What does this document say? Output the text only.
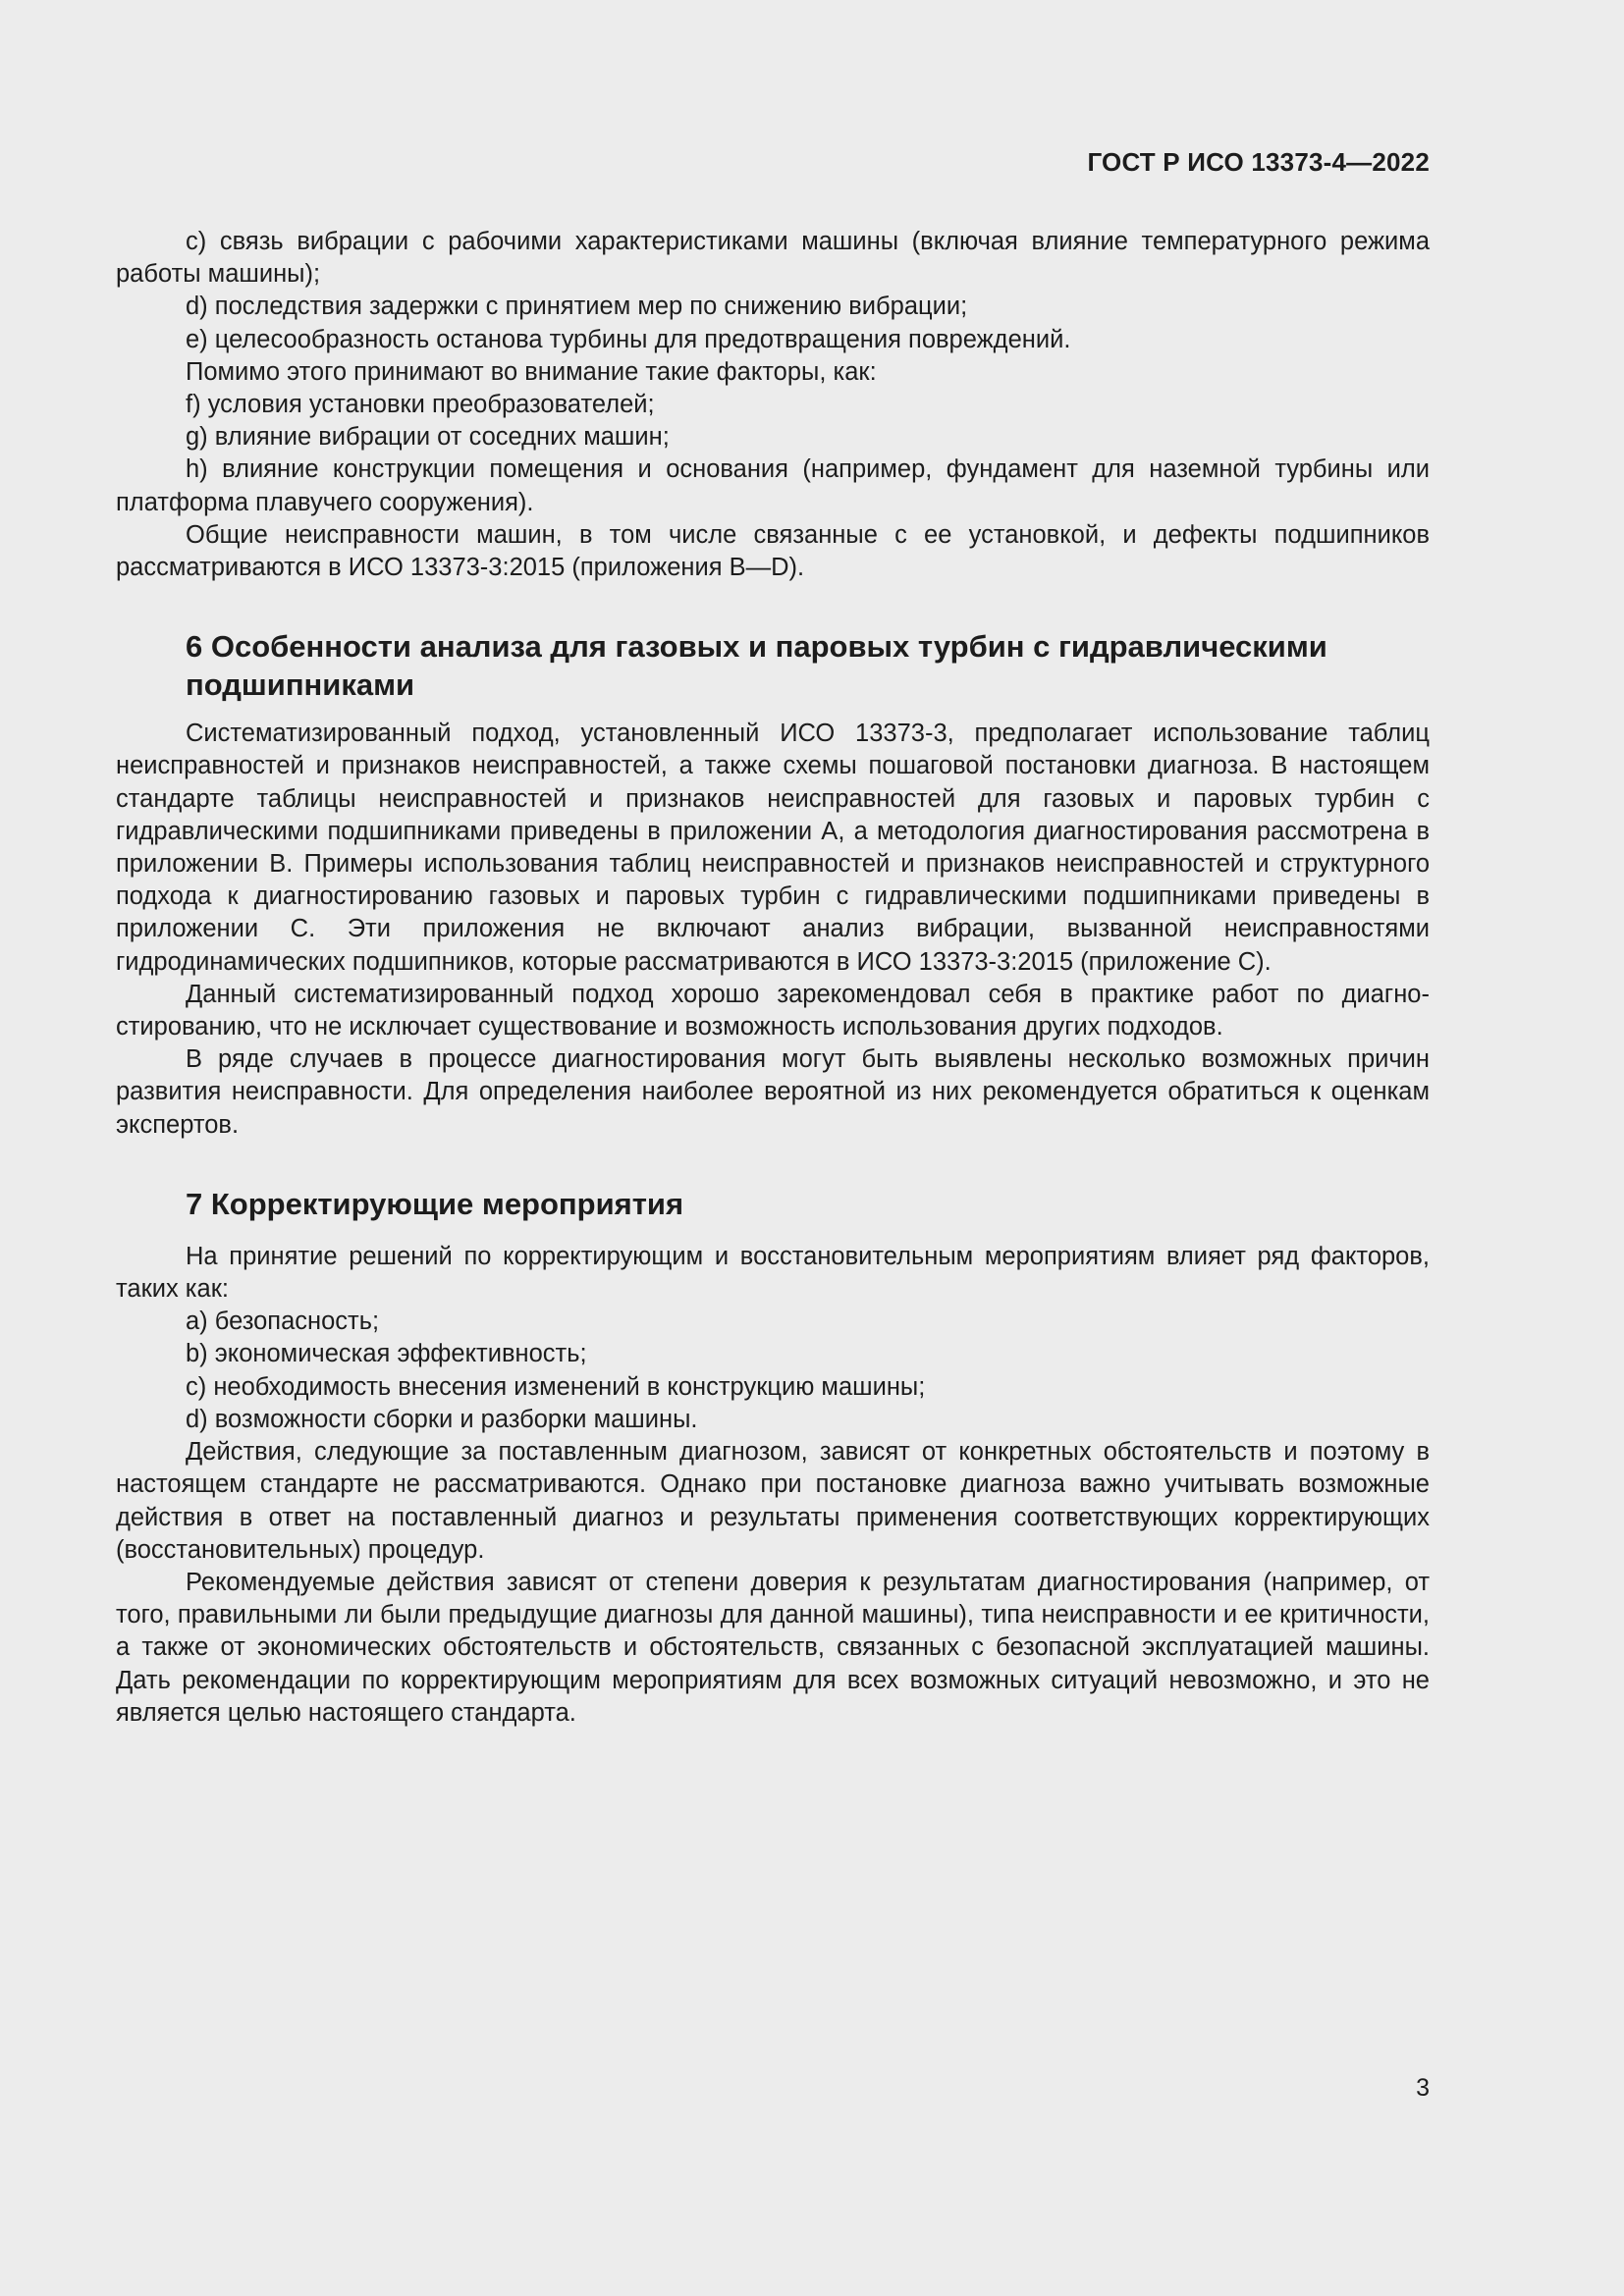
ГОСТ Р ИСО 13373-4—2022

с) связь вибрации с рабочими характеристиками машины (включая влияние температурного режима работы машины);

d) последствия задержки с принятием мер по снижению вибрации;

е) целесообразность останова турбины для предотвращения повреждений.

Помимо этого принимают во внимание такие факторы, как:

f) условия установки преобразователей;

g) влияние вибрации от соседних машин;

h) влияние конструкции помещения и основания (например, фундамент для наземной турбины или платформа плавучего сооружения).

Общие неисправности машин, в том числе связанные с ее установкой, и дефекты подшипников рассматриваются в ИСО 13373-3:2015 (приложения В—D).

6 Особенности анализа для газовых и паровых турбин с гидравлическими подшипниками

Систематизированный подход, установленный ИСО 13373-3, предполагает использование таблиц неисправностей и признаков неисправностей, а также схемы пошаговой постановки диагноза. В настоящем стандарте таблицы неисправностей и признаков неисправностей для газовых и паровых турбин с гидравлическими подшипниками приведены в приложении А, а методология диагностирования рассмотрена в приложении В. Примеры использования таблиц неисправностей и признаков неисправностей и структурного подхода к диагностированию газовых и паровых турбин с гидравлическими подшипниками приведены в приложении С. Эти приложения не включают анализ вибрации, вызванной неисправностями гидродинамических подшипников, которые рассматриваются в ИСО 13373-3:2015 (приложение С).

Данный систематизированный подход хорошо зарекомендовал себя в практике работ по диагностированию, что не исключает существование и возможность использования других подходов.

В ряде случаев в процессе диагностирования могут быть выявлены несколько возможных причин развития неисправности. Для определения наиболее вероятной из них рекомендуется обратиться к оценкам экспертов.

7 Корректирующие мероприятия

На принятие решений по корректирующим и восстановительным мероприятиям влияет ряд факторов, таких как:

а) безопасность;

b) экономическая эффективность;

с) необходимость внесения изменений в конструкцию машины;

d) возможности сборки и разборки машины.

Действия, следующие за поставленным диагнозом, зависят от конкретных обстоятельств и поэтому в настоящем стандарте не рассматриваются. Однако при постановке диагноза важно учитывать возможные действия в ответ на поставленный диагноз и результаты применения соответствующих корректирующих (восстановительных) процедур.

Рекомендуемые действия зависят от степени доверия к результатам диагностирования (например, от того, правильными ли были предыдущие диагнозы для данной машины), типа неисправности и ее критичности, а также от экономических обстоятельств и обстоятельств, связанных с безопасной эксплуатацией машины. Дать рекомендации по корректирующим мероприятиям для всех возможных ситуаций невозможно, и это не является целью настоящего стандарта.

3
